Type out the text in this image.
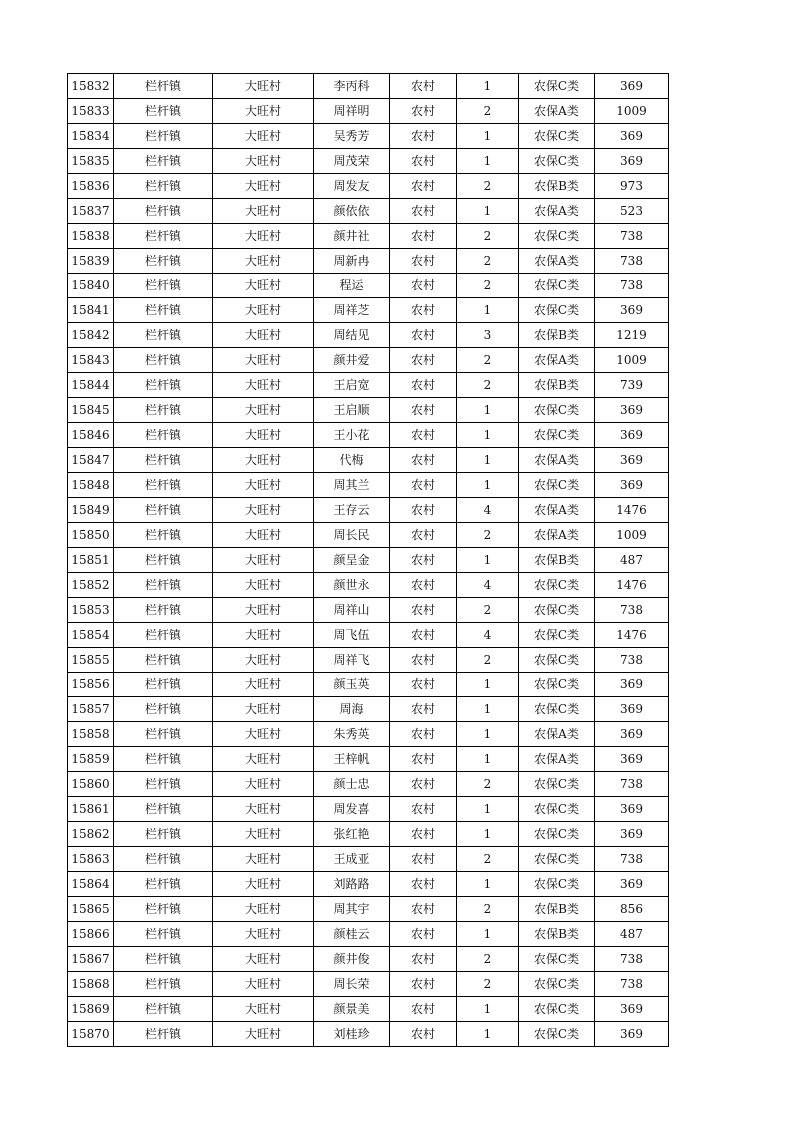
15832	栏杆镇	大旺村	李丙科	农村	1	农保C类	369
15833	栏杆镇	大旺村	周祥明	农村	2	农保A类	1009
15834	栏杆镇	大旺村	吴秀芳	农村	1	农保C类	369
15835	栏杆镇	大旺村	周茂荣	农村	1	农保C类	369
15836	栏杆镇	大旺村	周发友	农村	2	农保B类	973
15837	栏杆镇	大旺村	颜依依	农村	1	农保A类	523
15838	栏杆镇	大旺村	颜井社	农村	2	农保C类	738
15839	栏杆镇	大旺村	周新冉	农村	2	农保A类	738
15840	栏杆镇	大旺村	程运	农村	2	农保C类	738
15841	栏杆镇	大旺村	周祥芝	农村	1	农保C类	369
15842	栏杆镇	大旺村	周结见	农村	3	农保B类	1219
15843	栏杆镇	大旺村	颜井爱	农村	2	农保A类	1009
15844	栏杆镇	大旺村	王启宽	农村	2	农保B类	739
15845	栏杆镇	大旺村	王启顺	农村	1	农保C类	369
15846	栏杆镇	大旺村	王小花	农村	1	农保C类	369
15847	栏杆镇	大旺村	代梅	农村	1	农保A类	369
15848	栏杆镇	大旺村	周其兰	农村	1	农保C类	369
15849	栏杆镇	大旺村	王存云	农村	4	农保A类	1476
15850	栏杆镇	大旺村	周长民	农村	2	农保A类	1009
15851	栏杆镇	大旺村	颜呈金	农村	1	农保B类	487
15852	栏杆镇	大旺村	颜世永	农村	4	农保C类	1476
15853	栏杆镇	大旺村	周祥山	农村	2	农保C类	738
15854	栏杆镇	大旺村	周飞伍	农村	4	农保C类	1476
15855	栏杆镇	大旺村	周祥飞	农村	2	农保C类	738
15856	栏杆镇	大旺村	颜玉英	农村	1	农保C类	369
15857	栏杆镇	大旺村	周海	农村	1	农保C类	369
15858	栏杆镇	大旺村	朱秀英	农村	1	农保A类	369
15859	栏杆镇	大旺村	王梓帆	农村	1	农保A类	369
15860	栏杆镇	大旺村	颜士忠	农村	2	农保C类	738
15861	栏杆镇	大旺村	周发喜	农村	1	农保C类	369
15862	栏杆镇	大旺村	张红艳	农村	1	农保C类	369
15863	栏杆镇	大旺村	王成亚	农村	2	农保C类	738
15864	栏杆镇	大旺村	刘路路	农村	1	农保C类	369
15865	栏杆镇	大旺村	周其宇	农村	2	农保B类	856
15866	栏杆镇	大旺村	颜桂云	农村	1	农保B类	487
15867	栏杆镇	大旺村	颜井俊	农村	2	农保C类	738
15868	栏杆镇	大旺村	周长荣	农村	2	农保C类	738
15869	栏杆镇	大旺村	颜景美	农村	1	农保C类	369
15870	栏杆镇	大旺村	刘桂珍	农村	1	农保C类	369
